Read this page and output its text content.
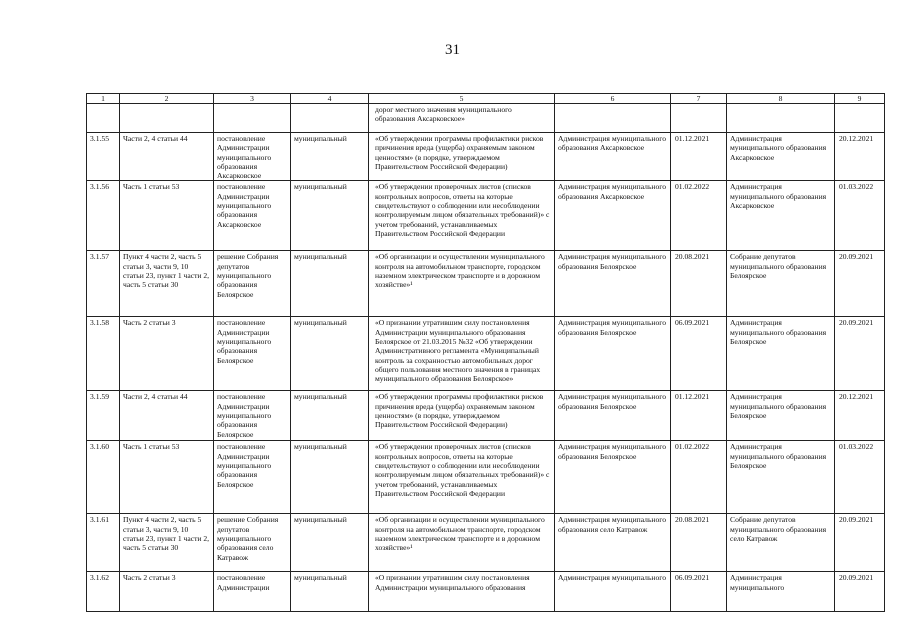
31
1	2	3	4	5	6	7	8	9
				дорог местного значения муниципального образования Аксарковское»				
3.1.55	Части 2, 4 статьи 44	постановление Администрации муниципального образования Аксарковское	муниципальный	«Об утверждении программы профилактики рисков причинения вреда (ущерба) охраняемым законом ценностям» (в порядке, утверждаемом Правительством Российской Федерации)	Администрация муниципального образования Аксарковское	01.12.2021	Администрация муниципального образования Аксарковское	20.12.2021
3.1.56	Часть 1 статьи 53	постановление Администрации муниципального образования Аксарковское	муниципальный	«Об утверждении проверочных листов (списков контрольных вопросов, ответы на которые свидетельствуют о соблюдении или несоблюдении контролируемым лицом обязательных требований)» с учетом требований, устанавливаемых Правительством Российской Федерации	Администрация муниципального образования Аксарковское	01.02.2022	Администрация муниципального образования Аксарковское	01.03.2022
3.1.57	Пункт 4 части 2, часть 5 статьи 3, части 9, 10 статьи 23, пункт 1 части 2, часть 5 статьи 30	решение Собрания депутатов муниципального образования Белоярское	муниципальный	«Об организации и осуществлении муниципального контроля на автомобильном транспорте, городском наземном электрическом транспорте и в дорожном хозяйстве»¹	Администрация муниципального образования Белоярское	20.08.2021	Собрание депутатов муниципального образования Белоярское	20.09.2021
3.1.58	Часть 2 статьи 3	постановление Администрации муниципального образования Белоярское	муниципальный	«О признании утратившим силу постановления Администрации муниципального образования Белоярское от 21.03.2015 №32 «Об утверждении Административного регламента «Муниципальный контроль за сохранностью автомобильных дорог общего пользования местного значения в границах муниципального образования Белоярское»	Администрация муниципального образования Белоярское	06.09.2021	Администрация муниципального образования Белоярское	20.09.2021
3.1.59	Части 2, 4 статьи 44	постановление Администрации муниципального образования Белоярское	муниципальный	«Об утверждении программы профилактики рисков причинения вреда (ущерба) охраняемым законом ценностям» (в порядке, утверждаемом Правительством Российской Федерации)	Администрация муниципального образования Белоярское	01.12.2021	Администрация муниципального образования Белоярское	20.12.2021
3.1.60	Часть 1 статьи 53	постановление Администрации муниципального образования Белоярское	муниципальный	«Об утверждении проверочных листов (списков контрольных вопросов, ответы на которые свидетельствуют о соблюдении или несоблюдении контролируемым лицом обязательных требований)» с учетом требований, устанавливаемых Правительством Российской Федерации	Администрация муниципального образования Белоярское	01.02.2022	Администрация муниципального образования Белоярское	01.03.2022
3.1.61	Пункт 4 части 2, часть 5 статьи 3, части 9, 10 статьи 23, пункт 1 части 2, часть 5 статьи 30	решение Собрания депутатов муниципального образования село Катравож	муниципальный	«Об организации и осуществлении муниципального контроля на автомобильном транспорте, городском наземном электрическом транспорте и в дорожном хозяйстве»¹	Администрация муниципального образования село Катравож	20.08.2021	Собрание депутатов муниципального образования село Катравож	20.09.2021
3.1.62	Часть 2 статьи 3	постановление Администрации	муниципальный	«О признании утратившим силу постановления Администрации муниципального образования	Администрация муниципального	06.09.2021	Администрация муниципального	20.09.2021
